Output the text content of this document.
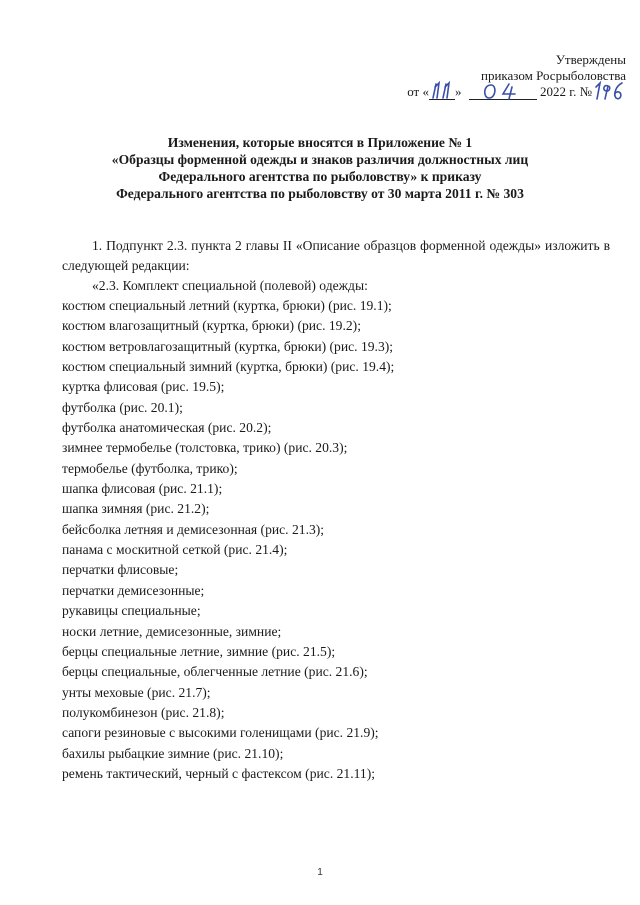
Утверждены
приказом Росрыболовства
от « »	2022 г. №
Изменения, которые вносятся в Приложение № 1
«Образцы форменной одежды и знаков различия должностных лиц
Федерального агентства по рыболовству» к приказу
Федерального агентства по рыболовству от 30 марта 2011 г. № 303

1. Подпункт 2.3. пункта 2 главы II «Описание образцов форменной одежды» изложить в следующей редакции:

«2.3. Комплект специальной (полевой) одежды:

костюм специальный летний (куртка, брюки) (рис. 19.1);
костюм влагозащитный (куртка, брюки) (рис. 19.2);
костюм ветровлагозащитный (куртка, брюки) (рис. 19.3);
костюм специальный зимний (куртка, брюки) (рис. 19.4);
куртка флисовая (рис. 19.5);
футболка (рис. 20.1);
футболка анатомическая (рис. 20.2);
зимнее термобелье (толстовка, трико) (рис. 20.3);
термобелье (футболка, трико);
шапка флисовая (рис. 21.1);
шапка зимняя (рис. 21.2);
бейсболка летняя и демисезонная (рис. 21.3);
панама с москитной сеткой (рис. 21.4);
перчатки флисовые;
перчатки демисезонные;
рукавицы специальные;
носки летние, демисезонные, зимние;
берцы специальные летние, зимние (рис. 21.5);
берцы специальные, облегченные летние (рис. 21.6);
унты меховые (рис. 21.7);
полукомбинезон (рис. 21.8);
сапоги резиновые с высокими голенищами (рис. 21.9);
бахилы рыбацкие зимние (рис. 21.10);
ремень тактический, черный с фастексом (рис. 21.11);
1
